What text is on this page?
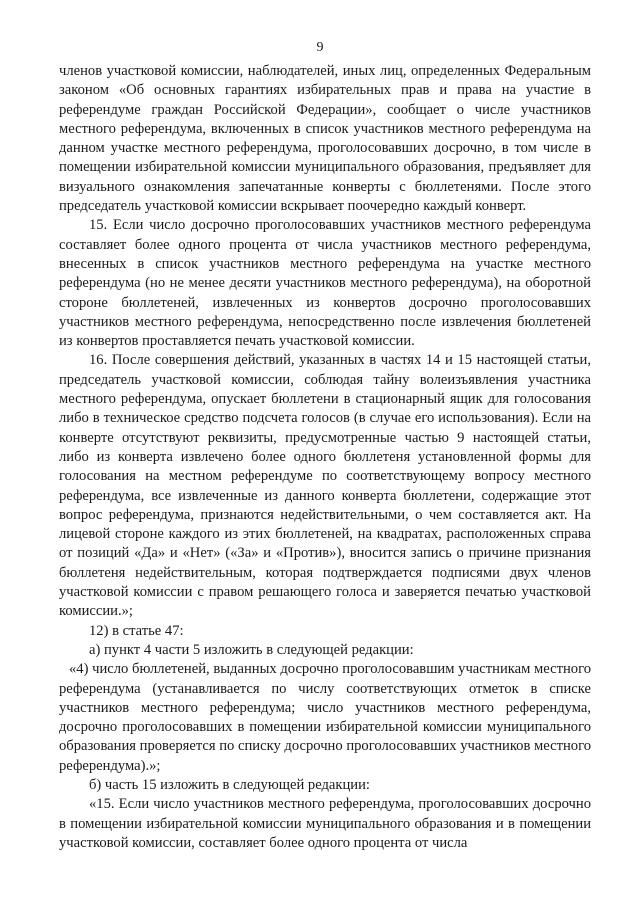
9

членов участковой комиссии, наблюдателей, иных лиц, определенных Федеральным законом «Об основных гарантиях избирательных прав и права на участие в референдуме граждан Российской Федерации», сообщает о числе участников местного референдума, включенных в список участников местного референдума на данном участке местного референдума, проголосовавших досрочно, в том числе в помещении избирательной комиссии муниципального образования, предъявляет для визуального ознакомления запечатанные конверты с бюллетенями. После этого председатель участковой комиссии вскрывает поочередно каждый конверт.

15. Если число досрочно проголосовавших участников местного референдума составляет более одного процента от числа участников местного референдума, внесенных в список участников местного референдума на участке местного референдума (но не менее десяти участников местного референдума), на оборотной стороне бюллетеней, извлеченных из конвертов досрочно проголосовавших участников местного референдума, непосредственно после извлечения бюллетеней из конвертов проставляется печать участковой комиссии.

16. После совершения действий, указанных в частях 14 и 15 настоящей статьи, председатель участковой комиссии, соблюдая тайну волеизъявления участника местного референдума, опускает бюллетени в стационарный ящик для голосования либо в техническое средство подсчета голосов (в случае его использования). Если на конверте отсутствуют реквизиты, предусмотренные частью 9 настоящей статьи, либо из конверта извлечено более одного бюллетеня установленной формы для голосования на местном референдуме по соответствующему вопросу местного референдума, все извлеченные из данного конверта бюллетени, содержащие этот вопрос референдума, признаются недействительными, о чем составляется акт. На лицевой стороне каждого из этих бюллетеней, на квадратах, расположенных справа от позиций «Да» и «Нет» («За» и «Против»), вносится запись о причине признания бюллетеня недействительным, которая подтверждается подписями двух членов участковой комиссии с правом решающего голоса и заверяется печатью участковой комиссии.»;

12) в статье 47:

а) пункт 4 части 5 изложить в следующей редакции:

«4) число бюллетеней, выданных досрочно проголосовавшим участникам местного референдума (устанавливается по числу соответствующих отметок в списке участников местного референдума; число участников местного референдума, досрочно проголосовавших в помещении избирательной комиссии муниципального образования проверяется по списку досрочно проголосовавших участников местного референдума).»;

б) часть 15 изложить в следующей редакции:

«15. Если число участников местного референдума, проголосовавших досрочно в помещении избирательной комиссии муниципального образования и в помещении участковой комиссии, составляет более одного процента от числа
